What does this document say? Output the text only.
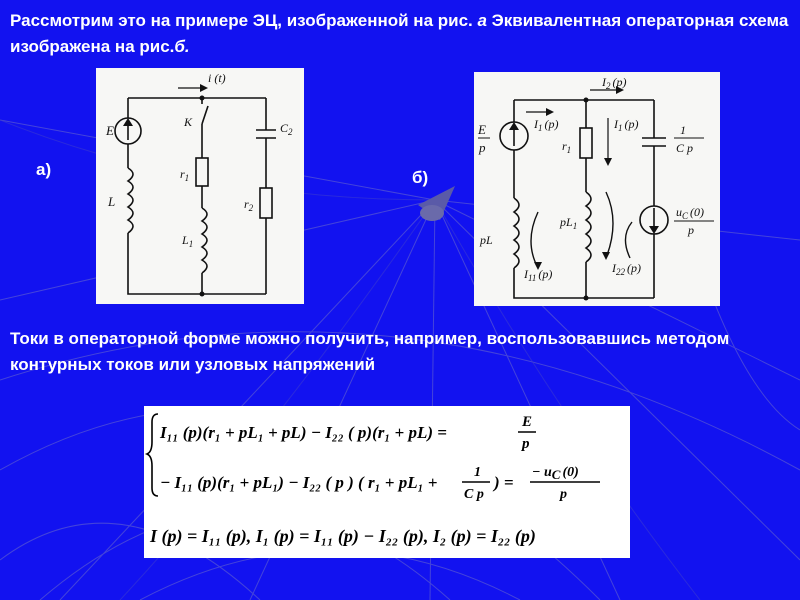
Рассмотрим это на примере ЭЦ, изображенной на рис. а Эквивалентная операторная схема изображена на рис.б.
а)	б)
E
i (t)
K
$r_1$
$C_2$
$r_2$
L
$L_1$
E
p
$I_2$ (p)
$I_1$ (p)	$I_1$ (p)
$r_1$
1
C p
$pL_1$
$u_C$ (0)
p
pL
$I_{11}$ (p)	$I_{22}$ (p)
Токи в операторной форме можно получить, например, воспользовавшись методом контурных токов или узловых напряжений
I₁₁ (p)(r₁ + pL₁ + pL) − I₂₂ ( p)(r₁ + pL) =
E
p
− I₁₁ (p)(r₁ + pL₁) − I₂₂ ( p ) ( r₁ + pL₁ +
1
C p
) =
− uC (0)
p
I (p) = I₁₁ (p), I₁ (p) = I₁₁ (p) − I₂₂ (p), I₂ (p) = I₂₂ (p)
